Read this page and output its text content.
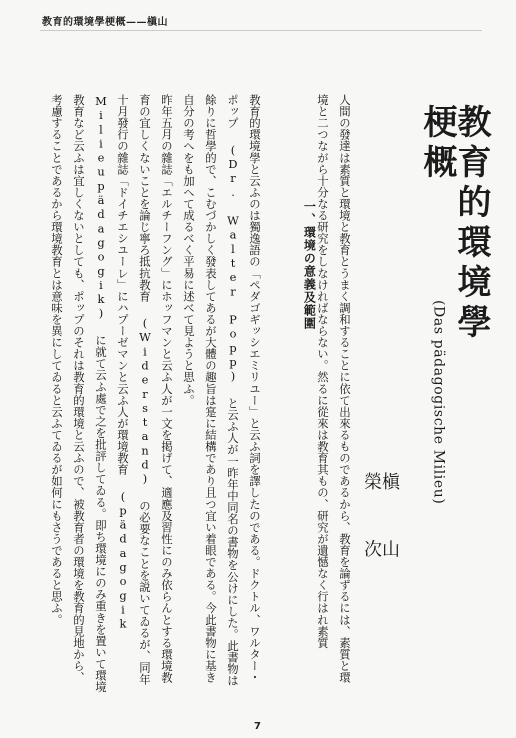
教育的環境學梗概——槇山
教育的環境學梗概
(Das pädagogische Milieu)
槇 山 榮 次
一、環境の意義及範圍

教育的環境學と云ふのは獨逸語の「ペダゴギッシエミリユー」と云ふ詞を譯したのである。ドクトル、ワルター・ポップ (Dr. Walter Popp) と云ふ人が一昨年中同名の書物を公けにした。此書物は餘りに哲學的で、こむづかしく發表してあるが大體の趣旨は寔に結構であり且つ宜い着眼である。今此書物に基き自分の考へをも加へて成るべく平易に述べて見ようと思ふ。

昨年五月の雜誌「エルチーフング」にホッフマンと云ふ人が一文を掲げて、適應及習性にのみ依らんとする環境教育の宜しくないことを論じ寧ろ抵抗教育 (Widerstand) の必要なことを説いてゐるが、同年十月發行の雜誌「ドイチエシユーレ」にハプーゼマンと云ふ人が環境教育 (pädagogik Milieupädagogik) に就て云ふ處で之を批評してゐる。即ち環境にのみ重きを置いて環境教育など云ふは宜しくないとしても、ポップのそれは教育的環境と云ふので、被教育者の環境を教育的見地から、考慮することであるから環境教育とは意味を異にしてゐると云ふてゐるが如何にもさうであると思ふ。	人間の發達は素質と環境と教育とうまく調和することに依て出來るものであるから、教育を論ずるには、素質と環境と二つながら十分なる研究をしなければならない。然るに從來は教育其もの、研究が遺憾なく行はれ素質

7
